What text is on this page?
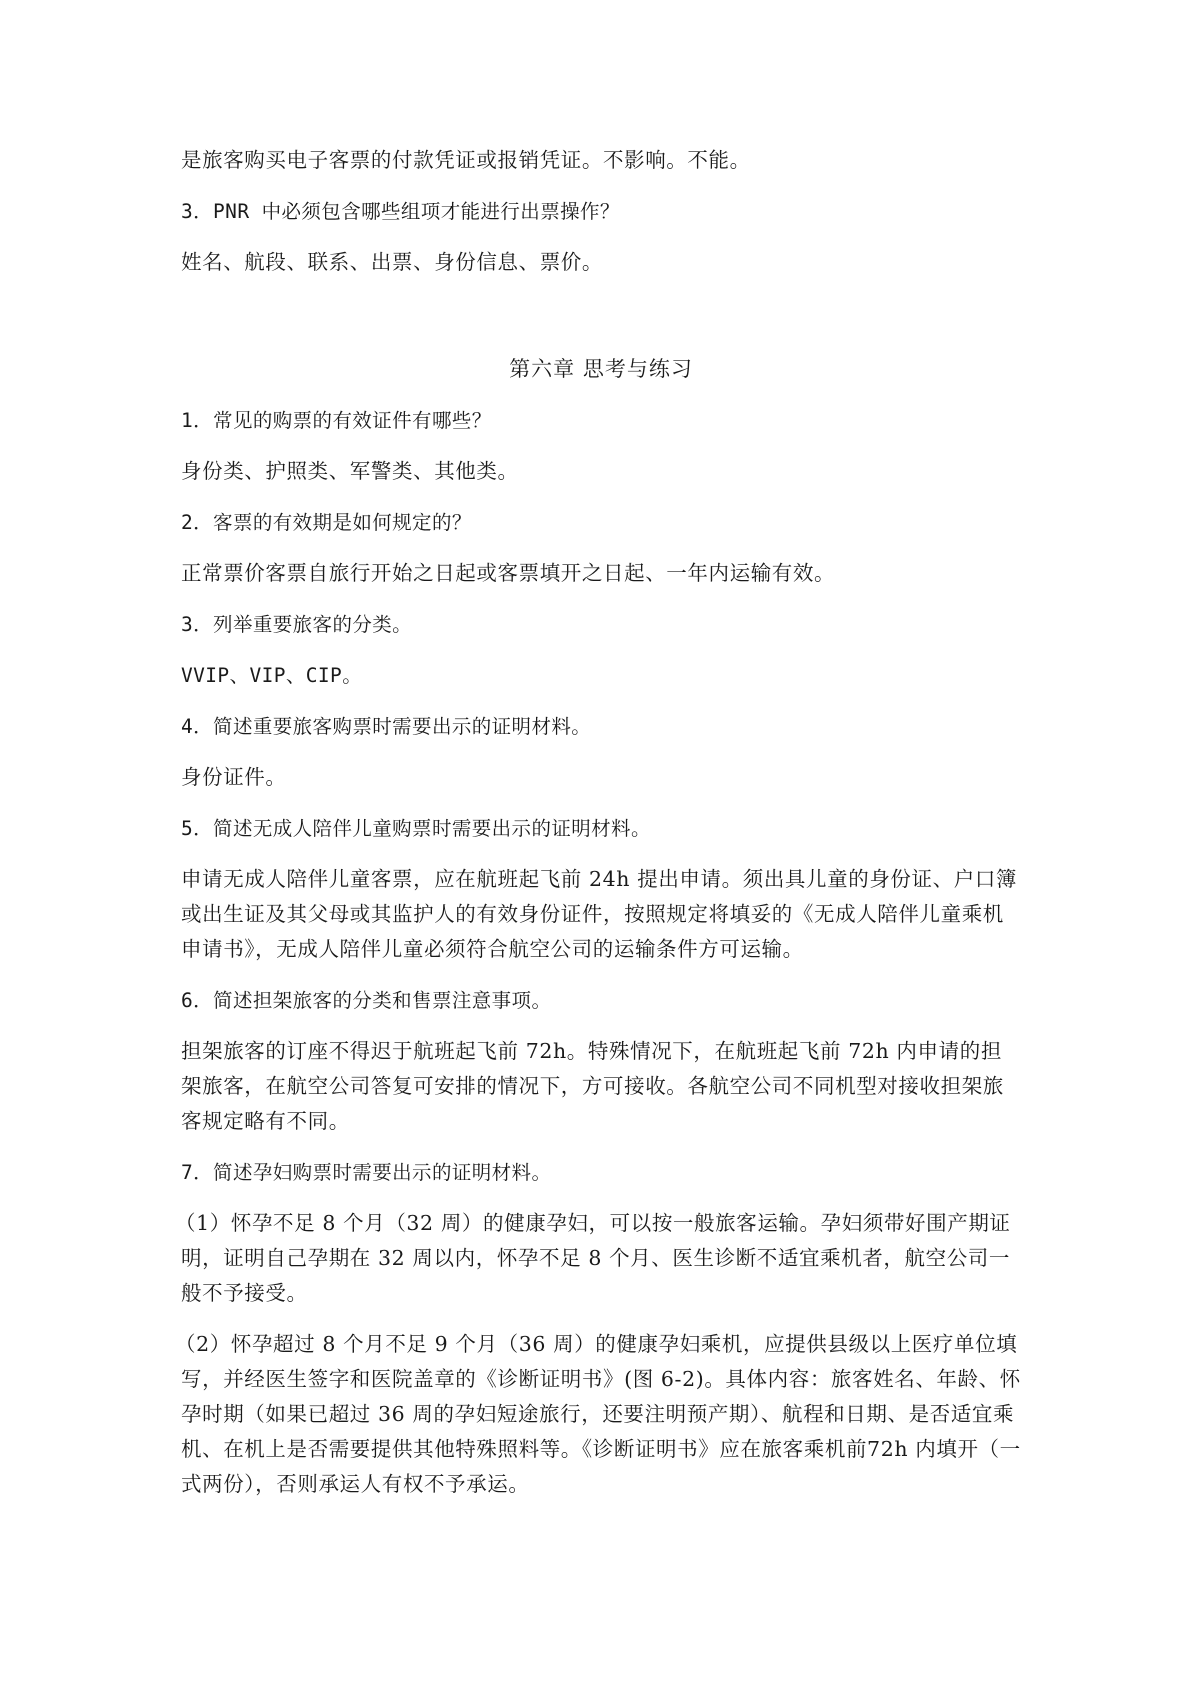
是旅客购买电子客票的付款凭证或报销凭证。不影响。不能。

3．PNR 中必须包含哪些组项才能进行出票操作？

姓名、航段、联系、出票、身份信息、票价。

第六章 思考与练习

1．常见的购票的有效证件有哪些？

身份类、护照类、军警类、其他类。

2．客票的有效期是如何规定的？

正常票价客票自旅行开始之日起或客票填开之日起、一年内运输有效。

3．列举重要旅客的分类。

VVIP、VIP、CIP。

4．简述重要旅客购票时需要出示的证明材料。

身份证件。

5．简述无成人陪伴儿童购票时需要出示的证明材料。

申请无成人陪伴儿童客票，应在航班起飞前 24h 提出申请。须出具儿童的身份证、户口簿或出生证及其父母或其监护人的有效身份证件，按照规定将填妥的《无成人陪伴儿童乘机申请书》，无成人陪伴儿童必须符合航空公司的运输条件方可运输。

6．简述担架旅客的分类和售票注意事项。

担架旅客的订座不得迟于航班起飞前 72h。特殊情况下，在航班起飞前 72h 内申请的担架旅客，在航空公司答复可安排的情况下，方可接收。各航空公司不同机型对接收担架旅客规定略有不同。

7．简述孕妇购票时需要出示的证明材料。

（1）怀孕不足 8 个月（32 周）的健康孕妇，可以按一般旅客运输。孕妇须带好围产期证明，证明自己孕期在 32 周以内，怀孕不足 8 个月、医生诊断不适宜乘机者，航空公司一般不予接受。

（2）怀孕超过 8 个月不足 9 个月（36 周）的健康孕妇乘机，应提供县级以上医疗单位填写，并经医生签字和医院盖章的《诊断证明书》(图 6-2)。具体内容：旅客姓名、年龄、怀孕时期（如果已超过 36 周的孕妇短途旅行，还要注明预产期）、航程和日期、是否适宜乘机、在机上是否需要提供其他特殊照料等。《诊断证明书》应在旅客乘机前72h 内填开（一式两份），否则承运人有权不予承运。
